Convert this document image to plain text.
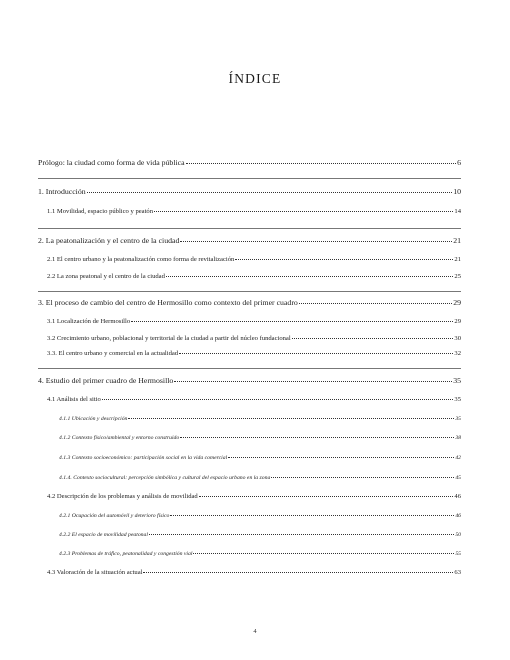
ÍNDICE
Prólogo: la ciudad como forma de vida pública	6
1. Introducción	10
1.1 Movilidad, espacio público y peatón	14
2. La peatonalización y el centro de la ciudad	21
2.1 El centro urbano y la peatonalización como forma de revitalización	21
2.2 La zona peatonal y el centro de la ciudad	25
3. El proceso de cambio del centro de Hermosillo como contexto del primer cuadro	29
3.1 Localización de Hermosillo	29
3.2 Crecimiento urbano, poblacional y territorial de la ciudad a partir del núcleo fundacional	30
3.3. El centro urbano y comercial en la actualidad	32
4. Estudio del primer cuadro de Hermosillo	35
4.1 Análisis del sitio	35
4.1.1 Ubicación y descripción	35
4.1.2 Contexto físico/ambiental y entorno construido	38
4.1.3 Contexto socioeconómico: participación social en la vida comercial	42
4.1.4. Contexto sociocultural: percepción simbólica y cultural del espacio urbano en la zona	45
4.2 Descripción de los problemas y análisis de movilidad	46
4.2.1 Ocupación del automóvil y deterioro físico	46
4.2.2 El espacio de movilidad peatonal	50
4.2.3 Problemas de tráfico, peatonalidad y congestión vial	55
4.3 Valoración de la situación actual	63
4
